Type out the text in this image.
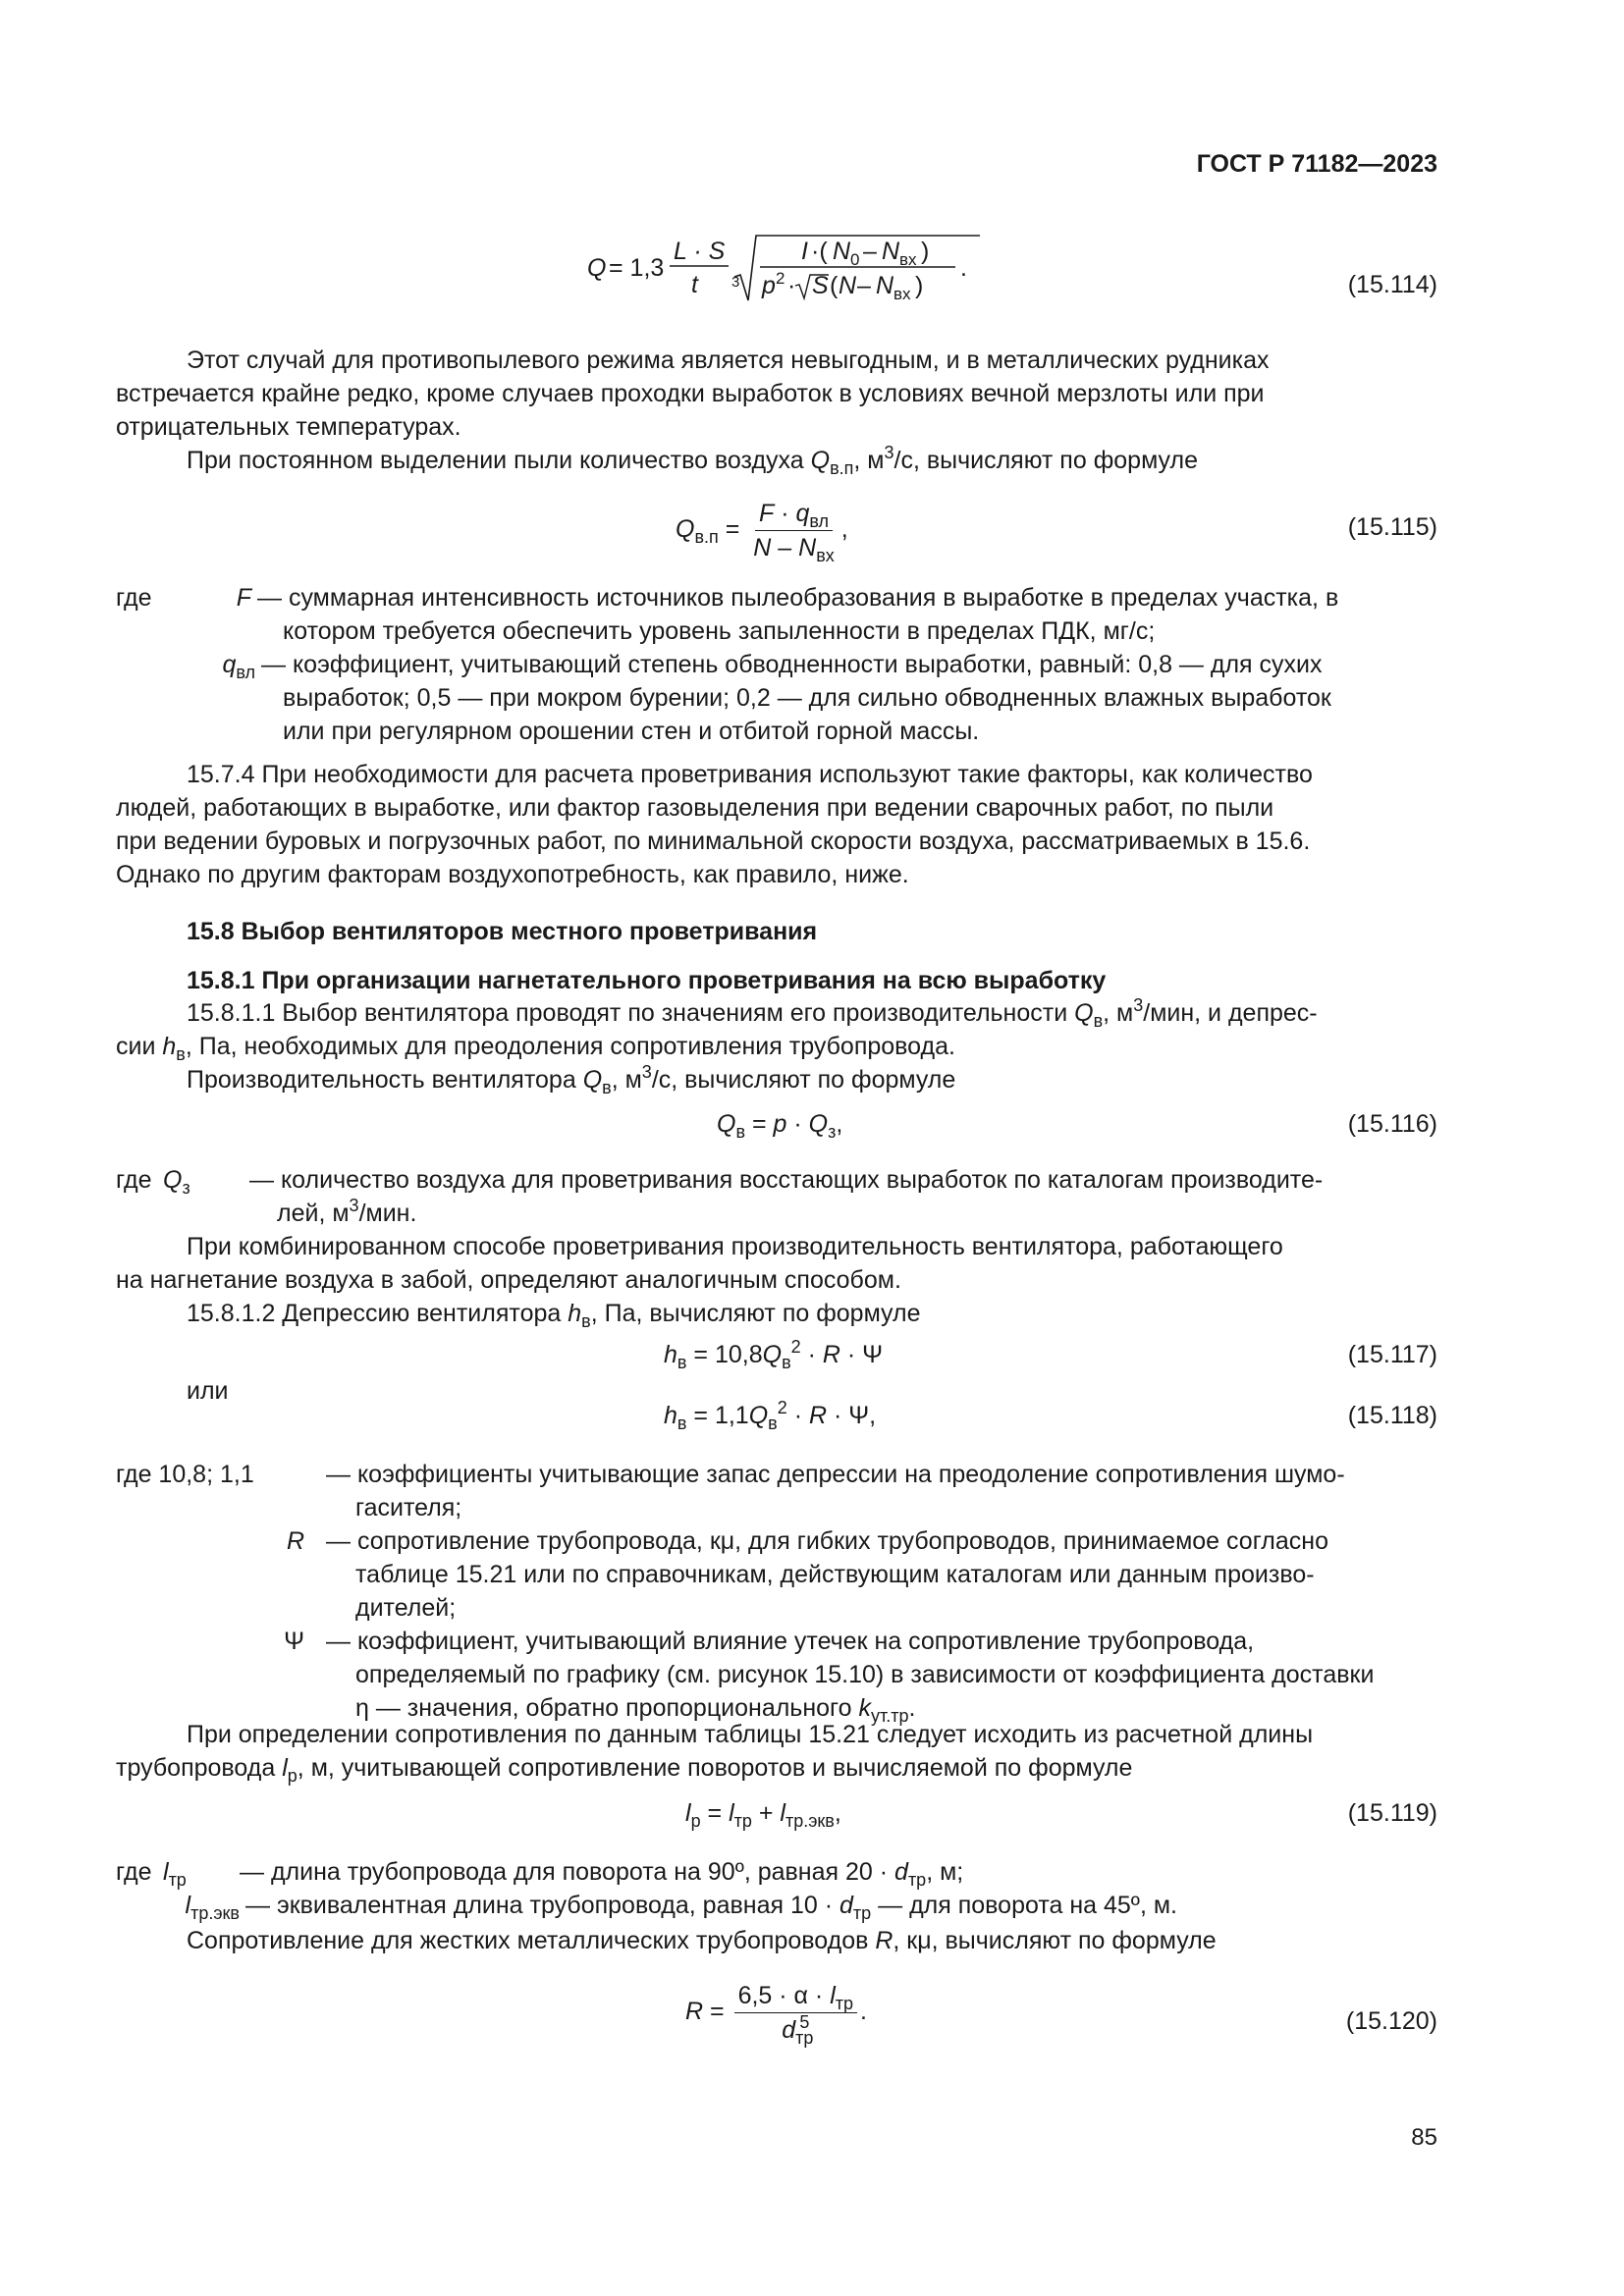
ГОСТ Р 71182—2023
Q = 1,3
L · S
t 3
I ·( N 0 – N вх )
p 2 · S ( N – N вх )
.
(15.114)
Этот случай для противопылевого режима является невыгодным, и в металлических рудниках
встречается крайне редко, кроме случаев проходки выработок в условиях вечной мерзлоты или при
отрицательных температурах.
При постоянном выделении пыли количество воздуха $Q_{в.п}$, $м^3/с$, вычисляют по формуле
$Q_{в.п} = \frac{F \cdot q_{вл}}{N - N_{вх}}$ ,	(15.115)
где	F — суммарная интенсивность источников пылеобразования в выработке в пределах участка, в
котором требуется обеспечить уровень запыленности в пределах ПДК, мг/с;
$q_{вл}$ — коэффициент, учитывающий степень обводненности выработки, равный: 0,8 — для сухих
выработок; 0,5 — при мокром бурении; 0,2 — для сильно обводненных влажных выработок
или при регулярном орошении стен и отбитой горной массы.
15.7.4 При необходимости для расчета проветривания используют такие факторы, как количество
людей, работающих в выработке, или фактор газовыделения при ведении сварочных работ, по пыли
при ведении буровых и погрузочных работ, по минимальной скорости воздуха, рассматриваемых в 15.6.
Однако по другим факторам воздухопотребность, как правило, ниже.
15.8 Выбор вентиляторов местного проветривания
15.8.1 При организации нагнетательного проветривания на всю выработку
15.8.1.1 Выбор вентилятора проводят по значениям его производительности $Q_в$, $м^3$/мин, и депрес-
сии $h_в$, Па, необходимых для преодоления сопротивления трубопровода.
Производительность вентилятора $Q_в$, $м^3/с$, вычисляют по формуле
$Q_в = p \cdot Q_з$,	(15.116)
где $Q_з$	— количество воздуха для проветривания восстающих выработок по каталогам производите-
лей, $м^3$/мин.
При комбинированном способе проветривания производительность вентилятора, работающего
на нагнетание воздуха в забой, определяют аналогичным способом.
15.8.1.2 Депрессию вентилятора $h_в$, Па, вычисляют по формуле
$h_в = 10,8Q_в^2 \cdot R \cdot \Psi$	(15.117)
или
$h_в = 1,1Q_в^2 \cdot R \cdot \Psi$,	(15.118)
где 10,8; 1,1	— коэффициенты учитывающие запас депрессии на преодоление сопротивления шумо-
гасителя;
R — сопротивление трубопровода, кμ, для гибких трубопроводов, принимаемое согласно
таблице 15.21 или по справочникам, действующим каталогам или данным произво-
дителей;
Ψ — коэффициент, учитывающий влияние утечек на сопротивление трубопровода,
определяемый по графику (см. рисунок 15.10) в зависимости от коэффициента доставки
η — значения, обратно пропорционального $k_{ут.тр}$.
При определении сопротивления по данным таблицы 15.21 следует исходить из расчетной длины
трубопровода $l_р$, м, учитывающей сопротивление поворотов и вычисляемой по формуле
$l_р = l_{тр} + l_{тр.экв}$,	(15.119)
где $l_{тр}$	— длина трубопровода для поворота на 90º, равная $20 \cdot d_{тр}$, м;
$l_{тр.экв}$ — эквивалентная длина трубопровода, равная $10 \cdot d_{тр}$ — для поворота на 45º, м.
Сопротивление для жестких металлических трубопроводов R, кμ, вычисляют по формуле
$R = \frac{6,5 \cdot \alpha \cdot l_{тр}}{d_{тр}^5}$ .	(15.120)
85
